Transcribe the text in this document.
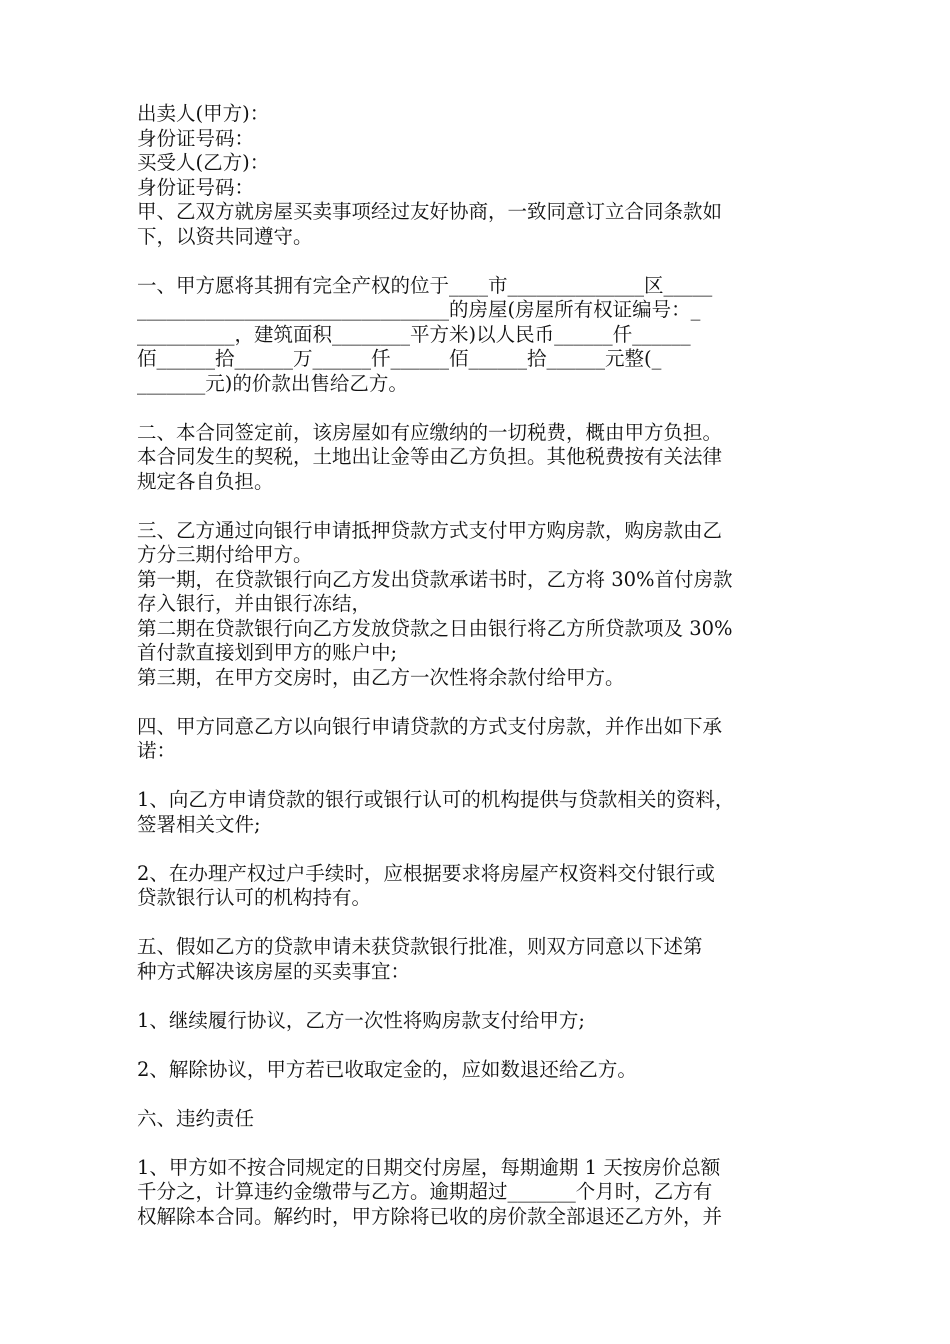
出卖人(甲方)：
身份证号码：
买受人(乙方)：
身份证号码：
甲、乙双方就房屋买卖事项经过友好协商，一致同意订立合同条款如
下，以资共同遵守。
一、甲方愿将其拥有完全产权的位于____市______________区_____
________________________________的房屋(房屋所有权证编号：_
__________，建筑面积________平方米)以人民币______仟______
佰______拾______万______仟______佰______拾______元整(_
_______元)的价款出售给乙方。
二、本合同签定前，该房屋如有应缴纳的一切税费，概由甲方负担。
本合同发生的契税，土地出让金等由乙方负担。其他税费按有关法律
规定各自负担。
三、乙方通过向银行申请抵押贷款方式支付甲方购房款，购房款由乙
方分三期付给甲方。
第一期，在贷款银行向乙方发出贷款承诺书时，乙方将 30%首付房款
存入银行，并由银行冻结，
第二期在贷款银行向乙方发放贷款之日由银行将乙方所贷款项及 30%
首付款直接划到甲方的账户中;
第三期，在甲方交房时，由乙方一次性将余款付给甲方。
四、甲方同意乙方以向银行申请贷款的方式支付房款，并作出如下承
诺：
1、向乙方申请贷款的银行或银行认可的机构提供与贷款相关的资料，
签署相关文件;
2、在办理产权过户手续时，应根据要求将房屋产权资料交付银行或
贷款银行认可的机构持有。
五、假如乙方的贷款申请未获贷款银行批准，则双方同意以下述第
种方式解决该房屋的买卖事宜：
1、继续履行协议，乙方一次性将购房款支付给甲方;
2、解除协议，甲方若已收取定金的，应如数退还给乙方。
六、违约责任
1、甲方如不按合同规定的日期交付房屋，每期逾期 1 天按房价总额
千分之，计算违约金缴带与乙方。逾期超过_______个月时，乙方有
权解除本合同。解约时，甲方除将已收的房价款全部退还乙方外，并
